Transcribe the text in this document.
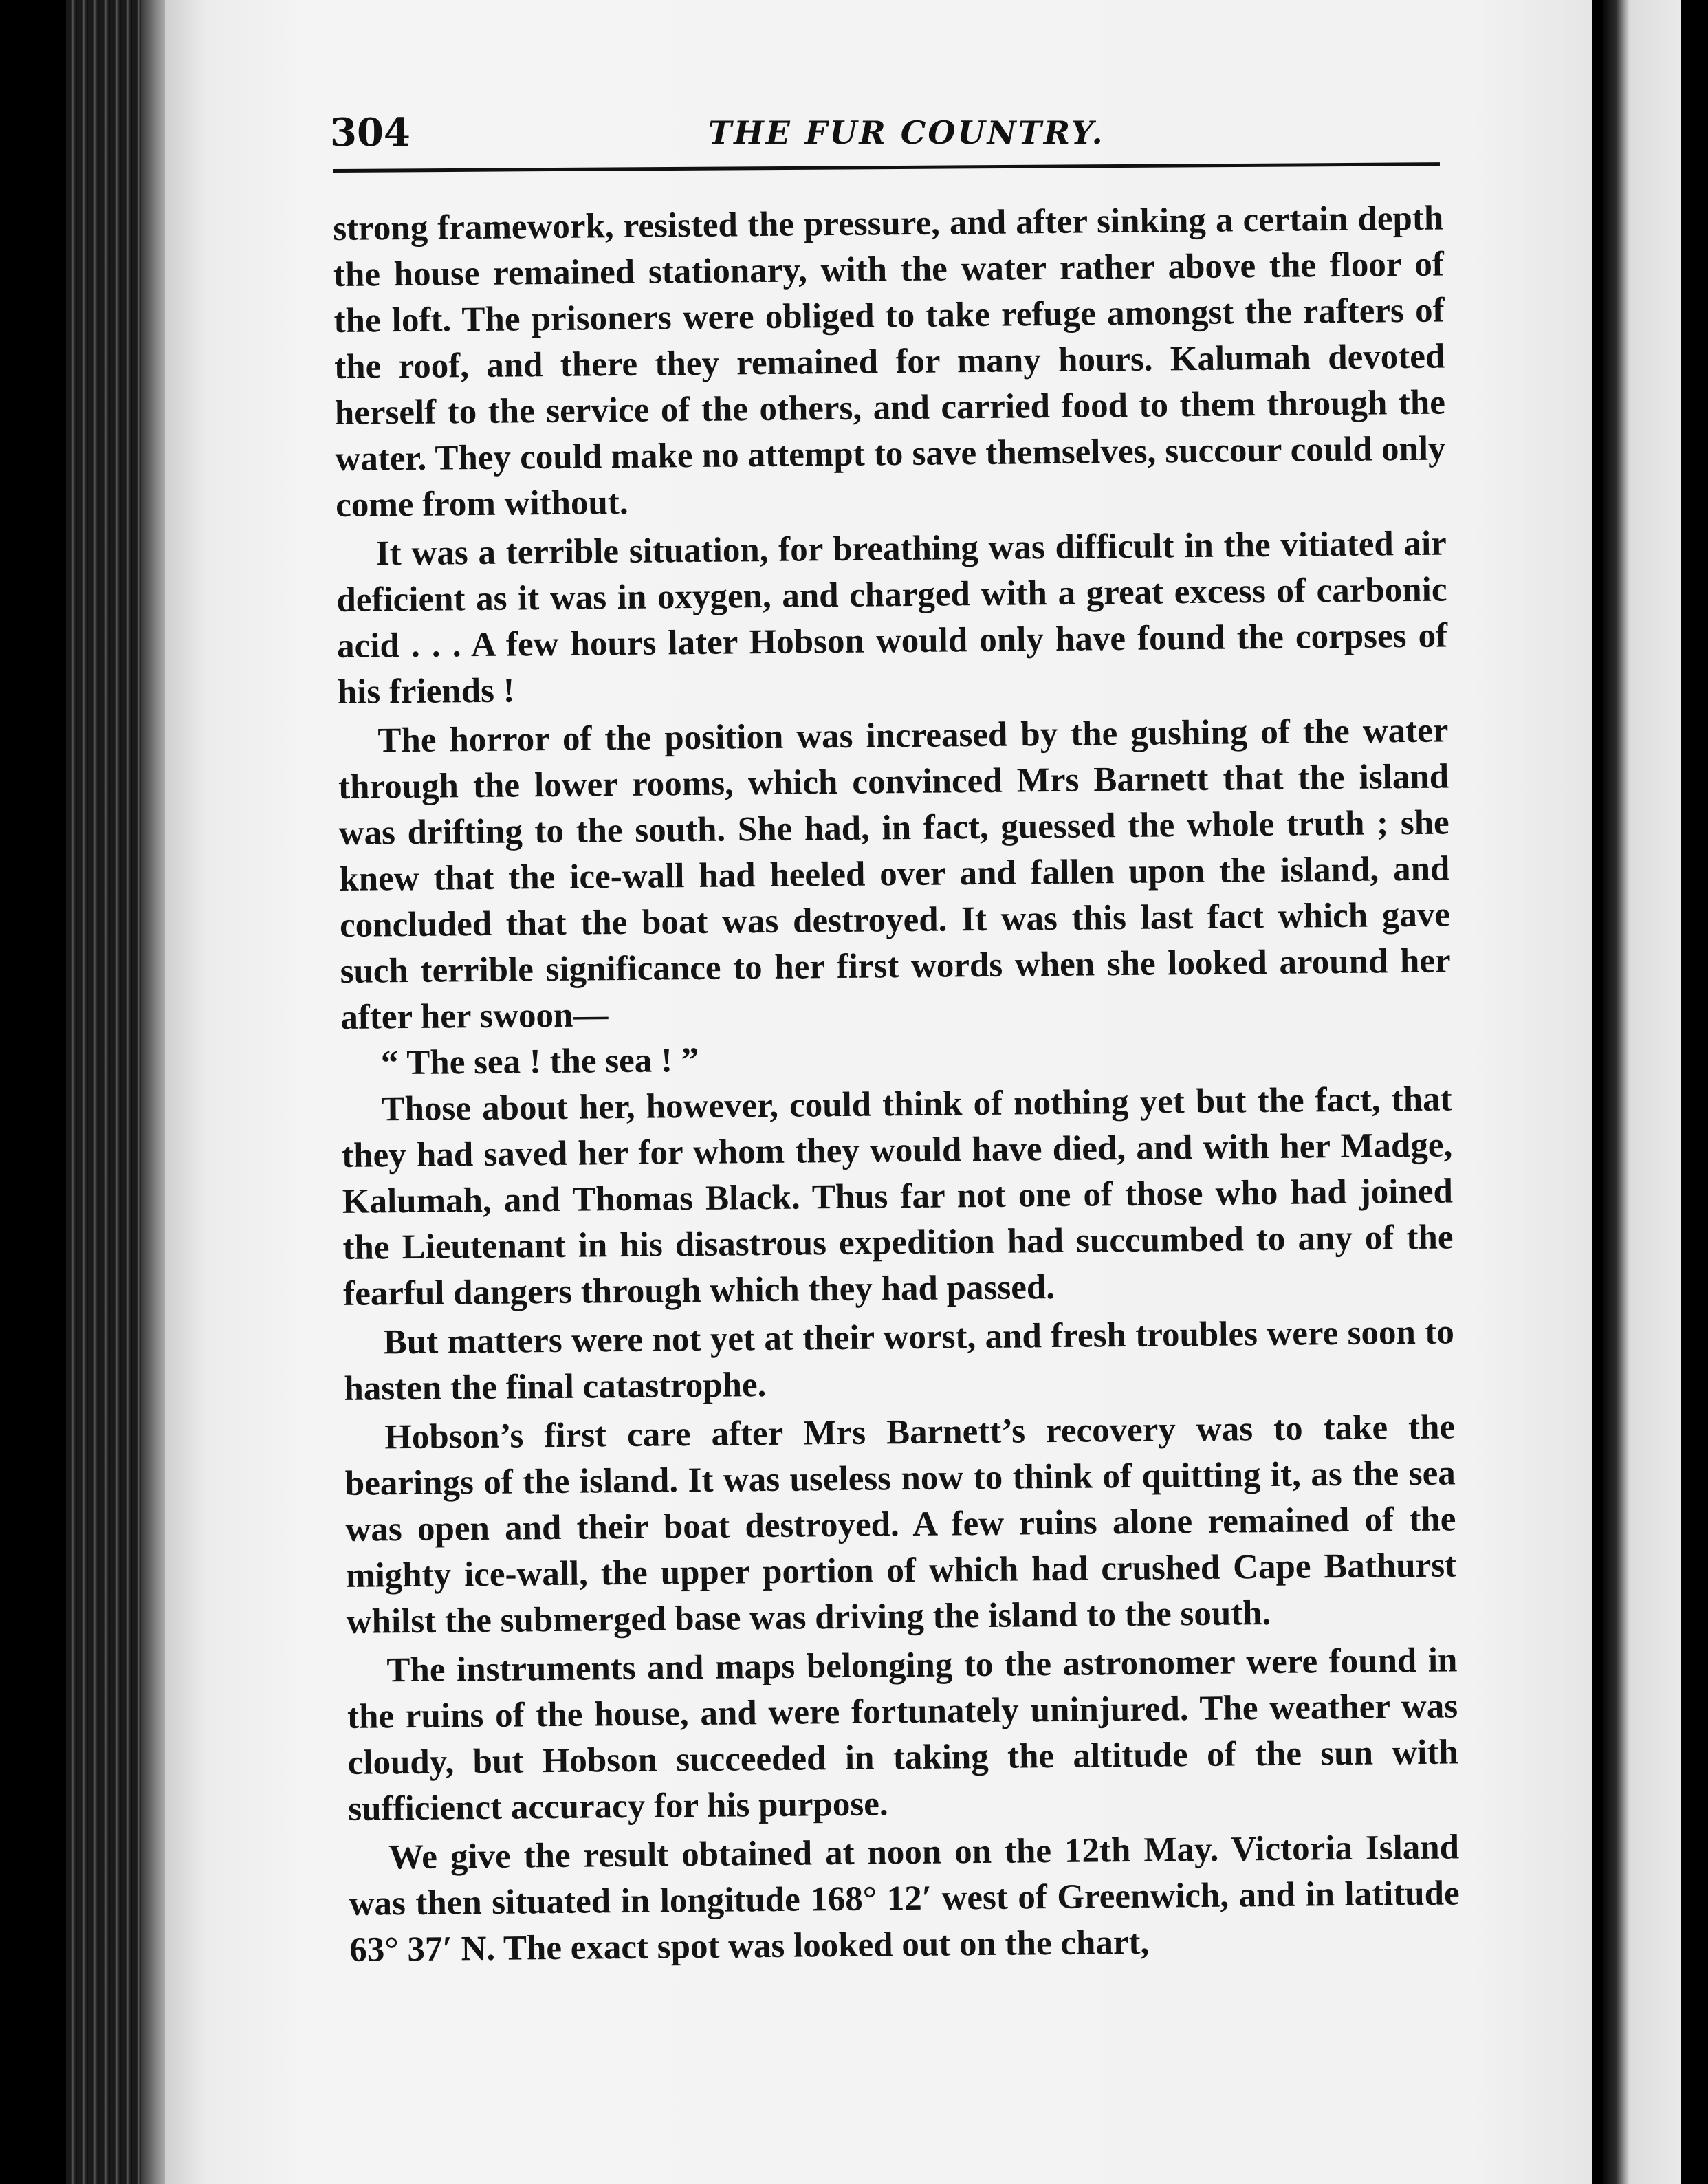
304	THE FUR COUNTRY.

strong framework, resisted the pressure, and after sinking a certain depth the house remained stationary, with the water rather above the floor of the loft. The prisoners were obliged to take refuge amongst the rafters of the roof, and there they remained for many hours. Kalumah devoted herself to the service of the others, and carried food to them through the water. They could make no attempt to save themselves, succour could only come from without.

It was a terrible situation, for breathing was difficult in the vitiated air deficient as it was in oxygen, and charged with a great excess of carbonic acid . . . A few hours later Hobson would only have found the corpses of his friends !

The horror of the position was increased by the gushing of the water through the lower rooms, which convinced Mrs Barnett that the island was drifting to the south. She had, in fact, guessed the whole truth ; she knew that the ice-wall had heeled over and fallen upon the island, and concluded that the boat was destroyed. It was this last fact which gave such terrible significance to her first words when she looked around her after her swoon—

“ The sea ! the sea ! ”

Those about her, however, could think of nothing yet but the fact, that they had saved her for whom they would have died, and with her Madge, Kalumah, and Thomas Black. Thus far not one of those who had joined the Lieutenant in his disastrous expedition had succumbed to any of the fearful dangers through which they had passed.

But matters were not yet at their worst, and fresh troubles were soon to hasten the final catastrophe.

Hobson’s first care after Mrs Barnett’s recovery was to take the bearings of the island. It was useless now to think of quitting it, as the sea was open and their boat destroyed. A few ruins alone remained of the mighty ice-wall, the upper portion of which had crushed Cape Bathurst whilst the submerged base was driving the island to the south.

The instruments and maps belonging to the astronomer were found in the ruins of the house, and were fortunately uninjured. The weather was cloudy, but Hobson succeeded in taking the altitude of the sun with sufficienct accuracy for his purpose.

We give the result obtained at noon on the 12th May. Victoria Island was then situated in longitude 168° 12′ west of Greenwich, and in latitude 63° 37′ N. The exact spot was looked out on the chart,
